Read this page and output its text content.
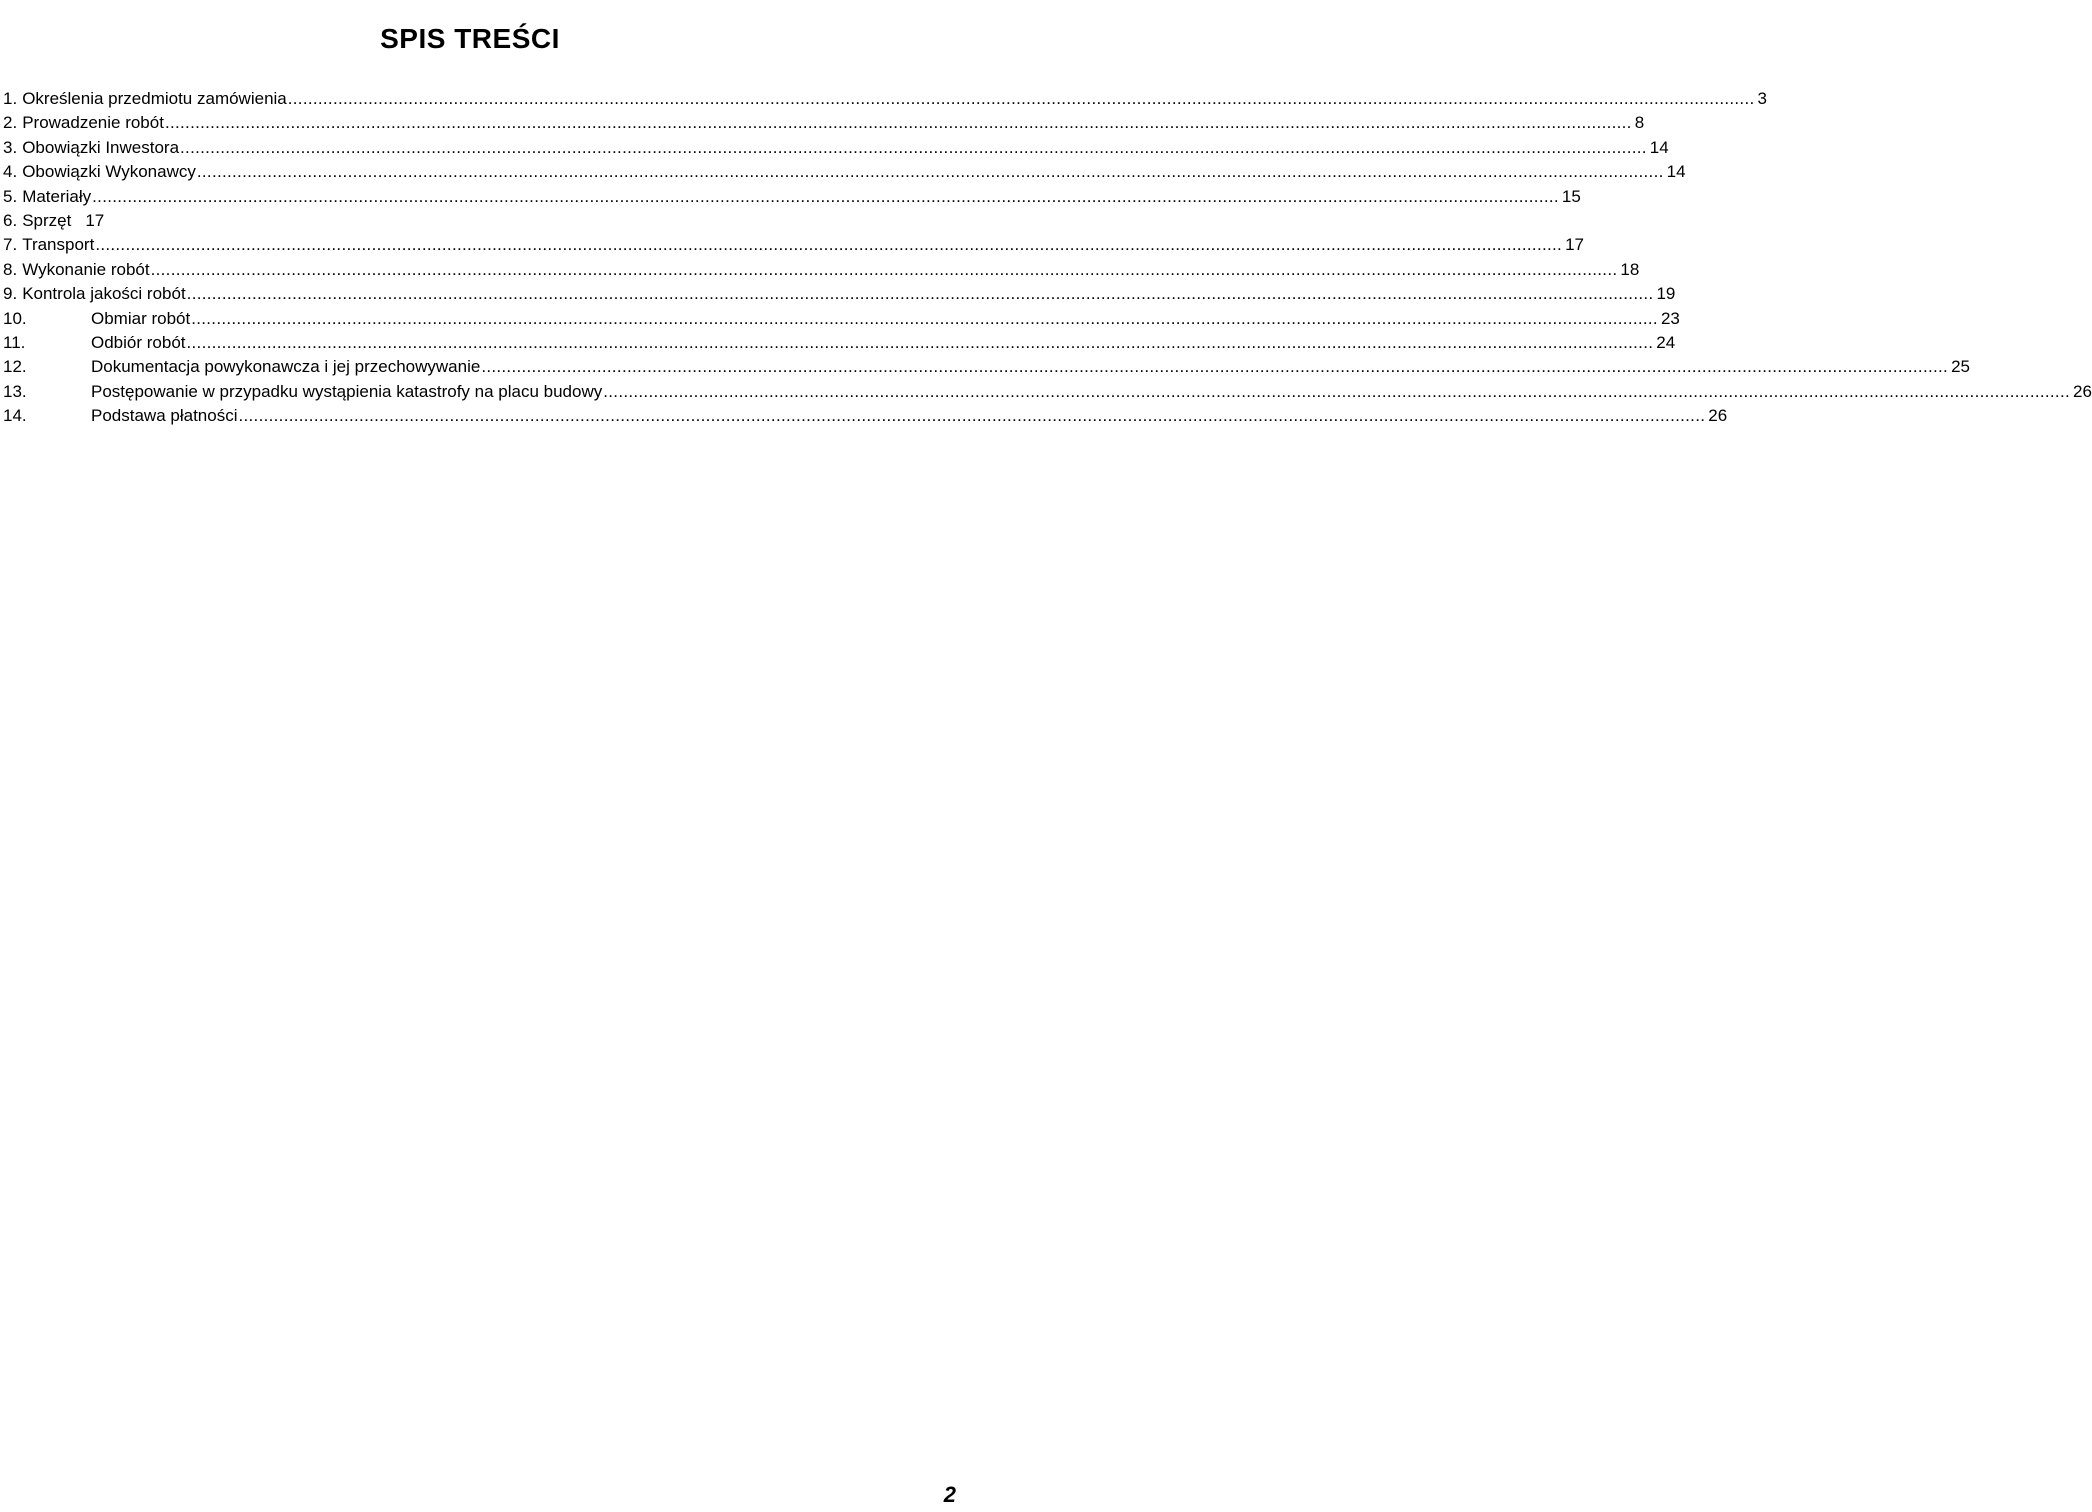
SPIS TREŚCI
1. Określenia przedmiotu zamówienia .....	3
2. Prowadzenie robót .....	8
3. Obowiązki Inwestora .....	14
4. Obowiązki Wykonawcy .....	14
5. Materiały .....	15
6. Sprzęt 17
7. Transport .....	17
8. Wykonanie robót .....	18
9. Kontrola jakości robót .....	19
10.	Obmiar robót .....	23
11.	Odbiór robót .....	24
12.	Dokumentacja powykonawcza i jej przechowywanie .....	25
13.	Postępowanie w przypadku wystąpienia katastrofy na placu budowy .....	26
14.	Podstawa płatności .....	26
2
